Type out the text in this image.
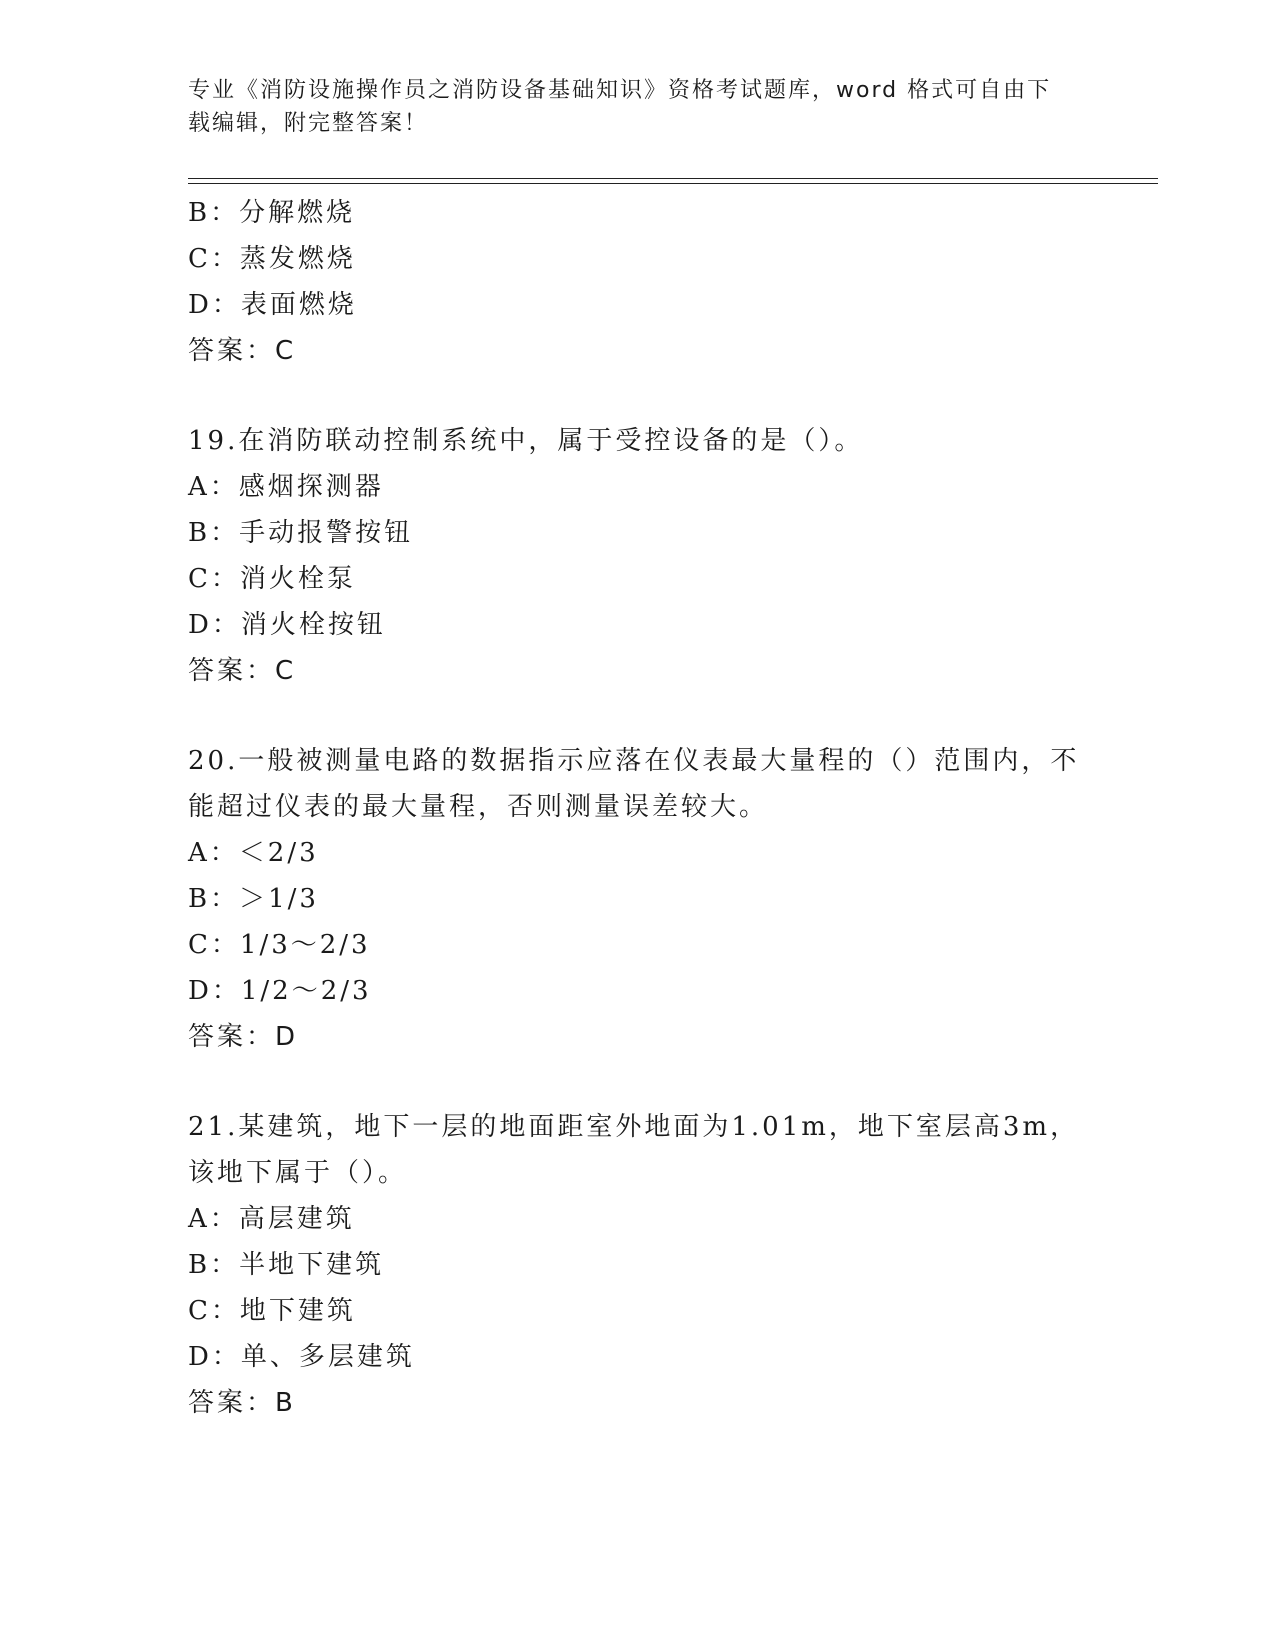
专业《消防设施操作员之消防设备基础知识》资格考试题库，word 格式可自由下载编辑，附完整答案！
B：分解燃烧
C：蒸发燃烧
D：表面燃烧
答案：C
19.在消防联动控制系统中，属于受控设备的是（）。
A：感烟探测器
B：手动报警按钮
C：消火栓泵
D：消火栓按钮
答案：C
20.一般被测量电路的数据指示应落在仪表最大量程的（）范围内，不能超过仪表的最大量程，否则测量误差较大。
A：＜2/3
B：＞1/3
C：1/3～2/3
D：1/2～2/3
答案：D
21.某建筑，地下一层的地面距室外地面为1.01m，地下室层高3m，该地下属于（）。
A：高层建筑
B：半地下建筑
C：地下建筑
D：单、多层建筑
答案：B
